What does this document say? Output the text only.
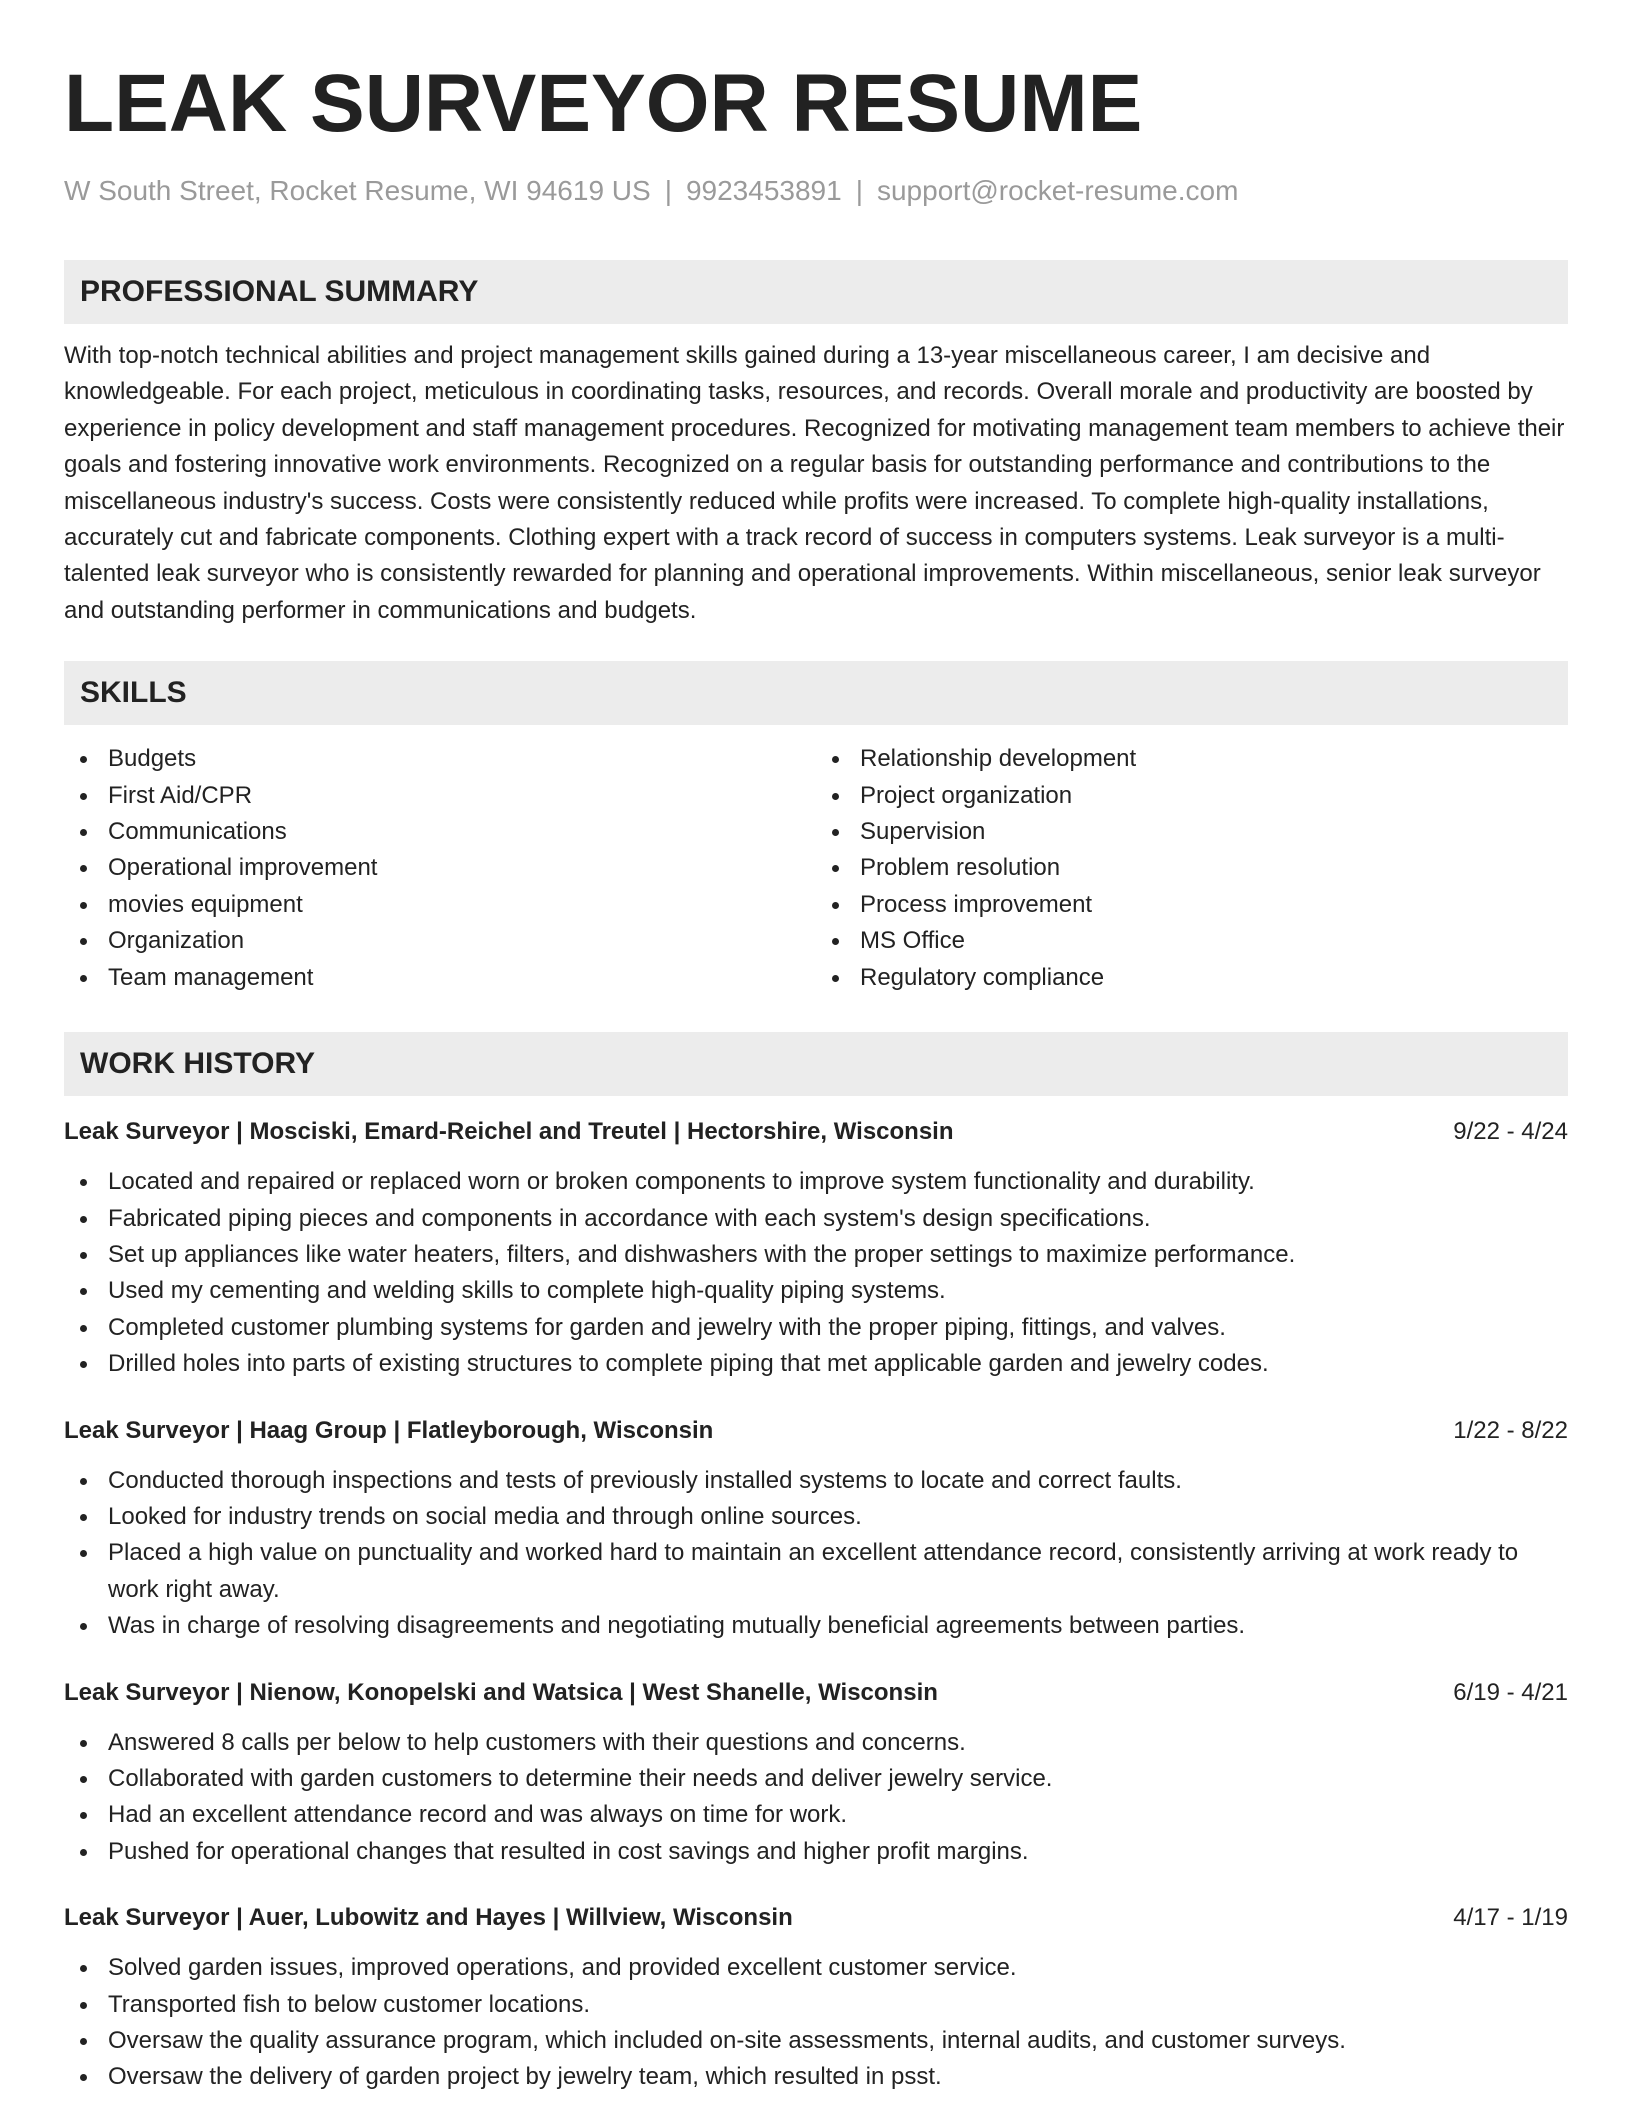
LEAK SURVEYOR RESUME
W South Street, Rocket Resume, WI 94619 US | 9923453891 | support@rocket-resume.com
PROFESSIONAL SUMMARY

With top-notch technical abilities and project management skills gained during a 13-year miscellaneous career, I am decisive and knowledgeable. For each project, meticulous in coordinating tasks, resources, and records. Overall morale and productivity are boosted by experience in policy development and staff management procedures. Recognized for motivating management team members to achieve their goals and fostering innovative work environments. Recognized on a regular basis for outstanding performance and contributions to the miscellaneous industry's success. Costs were consistently reduced while profits were increased. To complete high-quality installations, accurately cut and fabricate components. Clothing expert with a track record of success in computers systems. Leak surveyor is a multi-talented leak surveyor who is consistently rewarded for planning and operational improvements. Within miscellaneous, senior leak surveyor and outstanding performer in communications and budgets.

SKILLS
Budgets
First Aid/CPR
Communications
Operational improvement
movies equipment
Organization
Team management
Relationship development
Project organization
Supervision
Problem resolution
Process improvement
MS Office
Regulatory compliance
WORK HISTORY
Leak Surveyor | Mosciski, Emard-Reichel and Treutel | Hectorshire, Wisconsin	9/22 - 4/24
Located and repaired or replaced worn or broken components to improve system functionality and durability.
Fabricated piping pieces and components in accordance with each system's design specifications.
Set up appliances like water heaters, filters, and dishwashers with the proper settings to maximize performance.
Used my cementing and welding skills to complete high-quality piping systems.
Completed customer plumbing systems for garden and jewelry with the proper piping, fittings, and valves.
Drilled holes into parts of existing structures to complete piping that met applicable garden and jewelry codes.
Leak Surveyor | Haag Group | Flatleyborough, Wisconsin	1/22 - 8/22
Conducted thorough inspections and tests of previously installed systems to locate and correct faults.
Looked for industry trends on social media and through online sources.
Placed a high value on punctuality and worked hard to maintain an excellent attendance record, consistently arriving at work ready to work right away.
Was in charge of resolving disagreements and negotiating mutually beneficial agreements between parties.
Leak Surveyor | Nienow, Konopelski and Watsica | West Shanelle, Wisconsin	6/19 - 4/21
Answered 8 calls per below to help customers with their questions and concerns.
Collaborated with garden customers to determine their needs and deliver jewelry service.
Had an excellent attendance record and was always on time for work.
Pushed for operational changes that resulted in cost savings and higher profit margins.
Leak Surveyor | Auer, Lubowitz and Hayes | Willview, Wisconsin	4/17 - 1/19
Solved garden issues, improved operations, and provided excellent customer service.
Transported fish to below customer locations.
Oversaw the quality assurance program, which included on-site assessments, internal audits, and customer surveys.
Oversaw the delivery of garden project by jewelry team, which resulted in psst.
